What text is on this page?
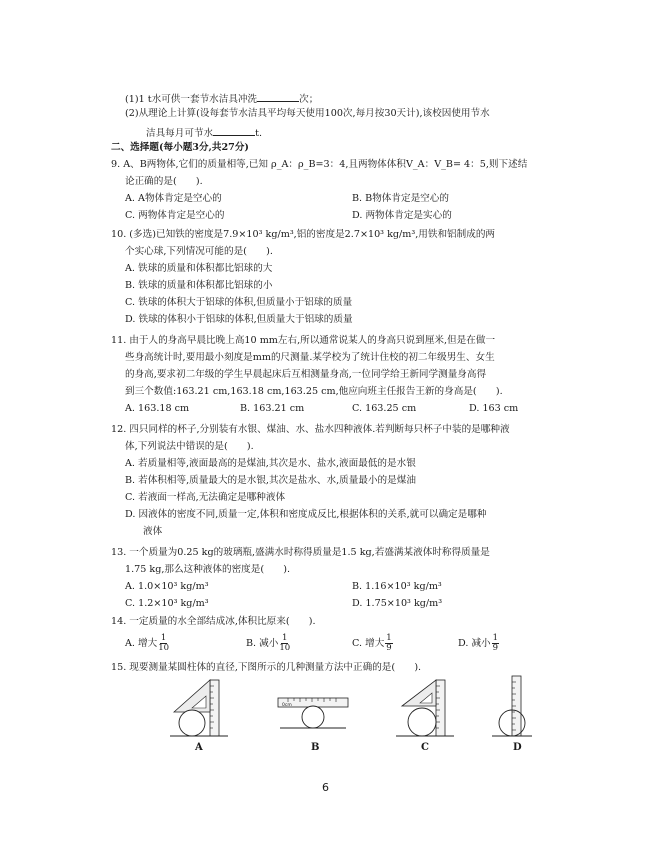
(1)1 t水可供一套节水洁具冲洗	次；
(2)从理论上计算(设每套节水洁具平均每天使用100次,每月按30天计),该校因使用节水
洁具每月可节水	t.
二、选择题(每小题3分,共27分)
9. A、B两物体,它们的质量相等,已知 ρ_A：ρ_B=3：4,且两物体体积V_A：V_B= 4：5,则下述结
论正确的是(　　).
A. A物体肯定是空心的	B. B物体肯定是空心的
C. 两物体肯定是空心的	D. 两物体肯定是实心的
10. (多选)已知铁的密度是7.9×10³ kg/m³,铝的密度是2.7×10³ kg/m³,用铁和铝制成的两
个实心球,下列情况可能的是(　　).
A. 铁球的质量和体积都比铝球的大
B. 铁球的质量和体积都比铝球的小
C. 铁球的体积大于铝球的体积,但质量小于铝球的质量
D. 铁球的体积小于铝球的体积,但质量大于铝球的质量
11. 由于人的身高早晨比晚上高10 mm左右,所以通常说某人的身高只说到厘米,但是在做一
些身高统计时,要用最小刻度是mm的尺测量.某学校为了统计住校的初二年级男生、女生
的身高,要求初二年级的学生早晨起床后互相测量身高,一位同学给王新同学测量身高得
到三个数值:163.21 cm,163.18 cm,163.25 cm,他应向班主任报告王新的身高是(　　).
A. 163.18 cm	B. 163.21 cm	C. 163.25 cm	D. 163 cm
12. 四只同样的杯子,分别装有水银、煤油、水、盐水四种液体.若判断每只杯子中装的是哪种液
体,下列说法中错误的是(　　).
A. 若质量相等,液面最高的是煤油,其次是水、盐水,液面最低的是水银
B. 若体积相等,质量最大的是水银,其次是盐水、水,质量最小的是煤油
C. 若液面一样高,无法确定是哪种液体
D. 因液体的密度不同,质量一定,体积和密度成反比,根据体积的关系,就可以确定是哪种
液体
13. 一个质量为0.25 kg的玻璃瓶,盛满水时称得质量是1.5 kg,若盛满某液体时称得质量是
1.75 kg,那么这种液体的密度是(　　).
A. 1.0×10³ kg/m³	B. 1.16×10³ kg/m³
C. 1.2×10³ kg/m³	D. 1.75×10³ kg/m³
14. 一定质量的水全部结成冰,体积比原来(　　).
A. 增大 $\frac{1}{10}$	B. 减小 $\frac{1}{10}$	C. 增大 $\frac{1}{9}$	D. 减小 $\frac{1}{9}$
15. 现要测量某圆柱体的直径,下图所示的几种测量方法中正确的是(　　).
A
0cm
B	C	D
6
